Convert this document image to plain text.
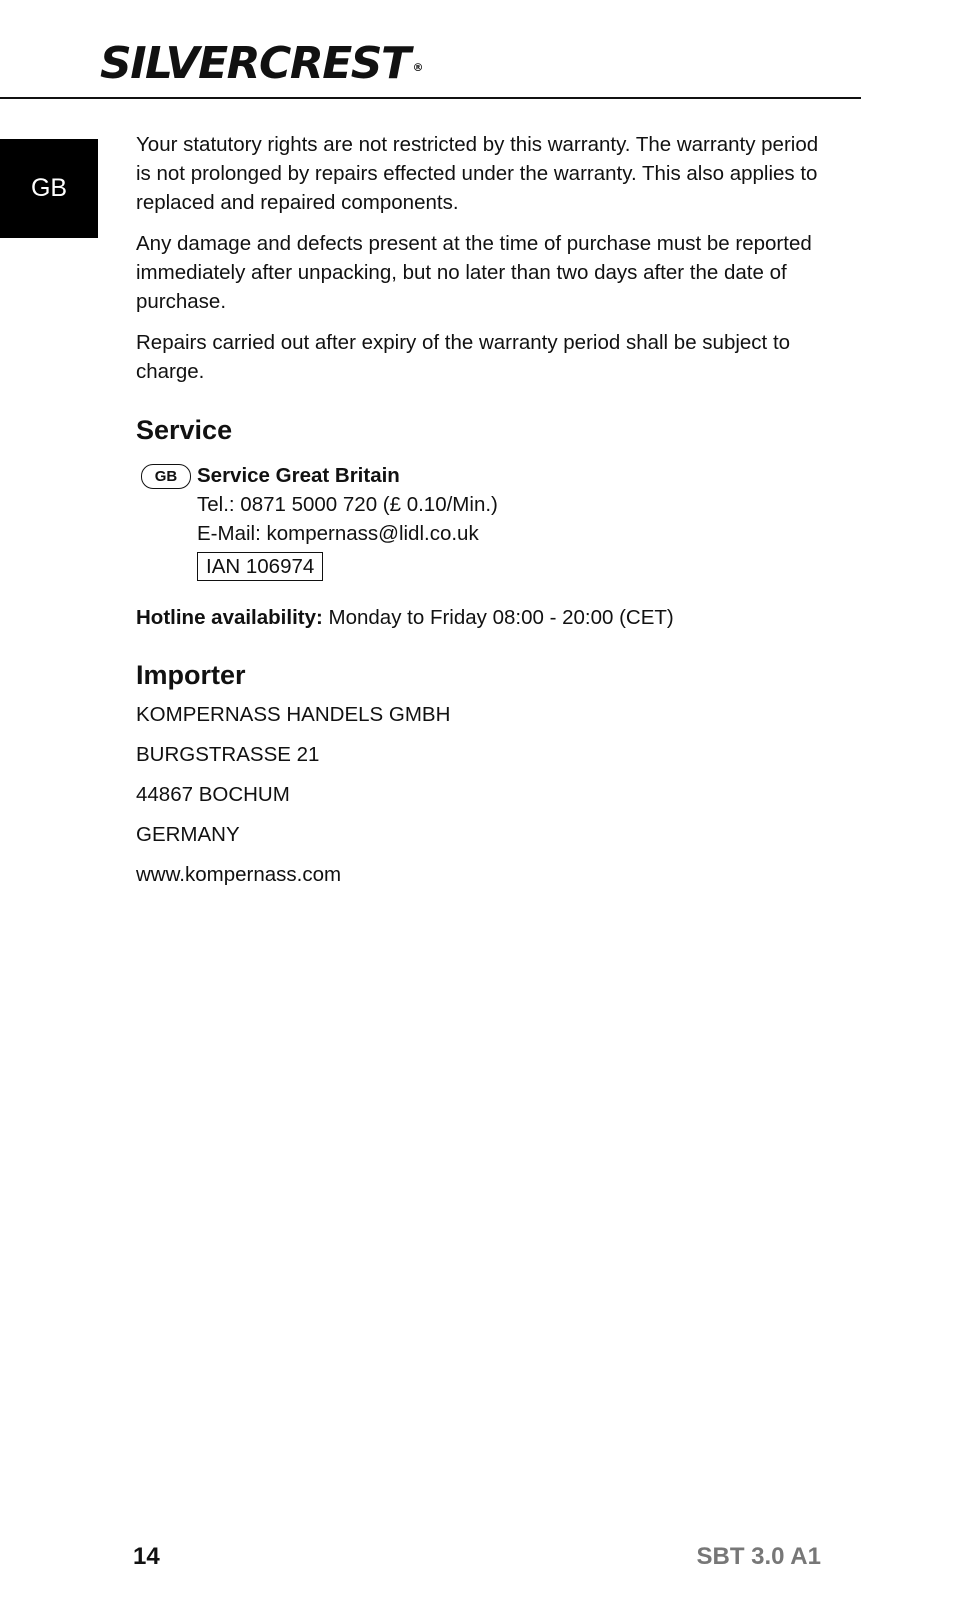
SILVERCREST ®
GB

Your statutory rights are not restricted by this warranty. The warranty period is not prolonged by repairs effected under the warranty. This also applies to replaced and repaired components.

Any damage and defects present at the time of purchase must be reported immediately after unpacking, but no later than two days after the date of purchase.

Repairs carried out after expiry of the warranty period shall be subject to charge.

Service
GB Service Great Britain
Tel.: 0871 5000 720 (£ 0.10/Min.)
E-Mail: kompernass@lidl.co.uk
IAN 106974
Hotline availability: Monday to Friday 08:00 - 20:00 (CET)
Importer
KOMPERNASS HANDELS GMBH
BURGSTRASSE 21
44867 BOCHUM
GERMANY
www.kompernass.com
14	SBT 3.0 A1
